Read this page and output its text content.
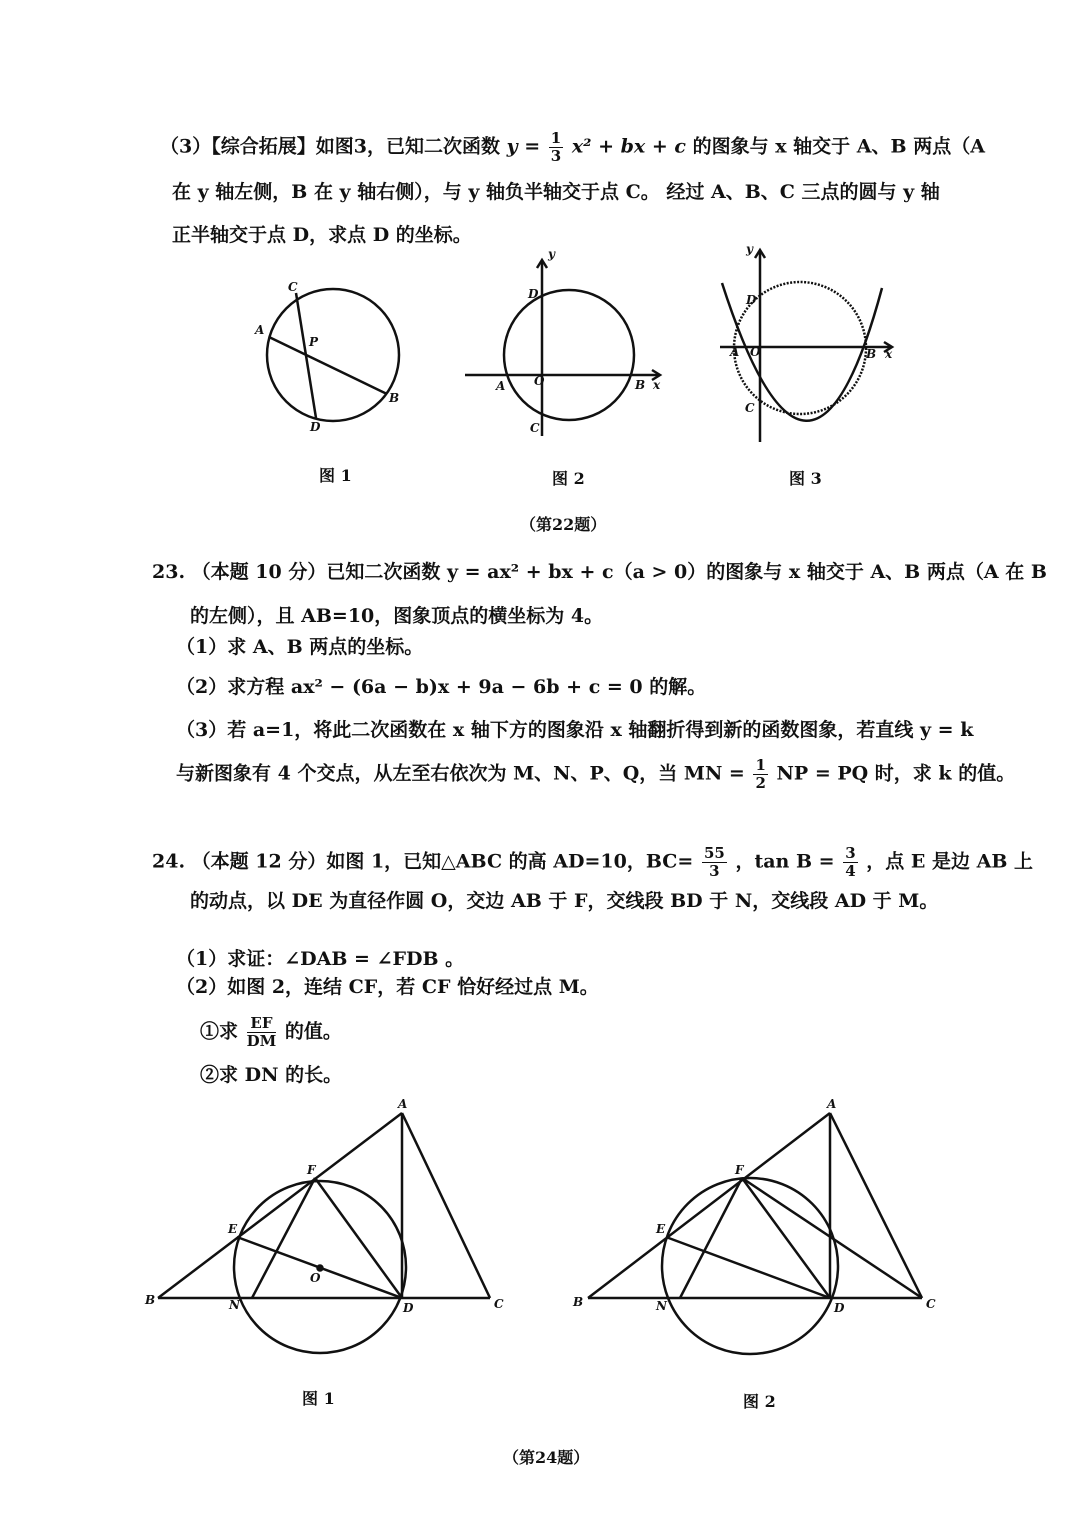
（3）【综合拓展】如图3，已知二次函数 $y = \frac{1}{3} x^2$ + bx + c 的图象与 x 轴交于 A、B 两点（A
在 y 轴左侧，B 在 y 轴右侧），与 y 轴负半轴交于点 C。 经过 A、B、C 三点的圆与 y 轴
正半轴交于点 D，求点 D 的坐标。
C
A
P
B
D
y
D
A O	B x
C
y
D
A O	B x
C
A
F
E
O
B	N	D	C
A
F
E
B	N	D	C
图 1	图 2	图 3
（第22题）
23. （本题 10 分）已知二次函数 y = ax² + bx + c（a > 0）的图象与 x 轴交于 A、B 两点（A 在 B
的左侧），且 AB=10，图象顶点的横坐标为 4。
（1）求 A、B 两点的坐标。
（2）求方程 ax² − (6a − b)x + 9a − 6b + c = 0 的解。
（3）若 a=1，将此二次函数在 x 轴下方的图象沿 x 轴翻折得到新的函数图象，若直线 y = k
与新图象有 4 个交点，从左至右依次为 M、N、P、Q，当 MN = $\frac{1}{2}$ NP = PQ 时，求 k 的值。
24. （本题 12 分）如图 1，已知△ABC 的高 AD=10，$BC= \frac{55}{3}$ ，$\tan B = \frac{3}{4}$ ，点 E 是边 AB 上
的动点，以 DE 为直径作圆 O，交边 AB 于 F，交线段 BD 于 N，交线段 AD 于 M。
（1）求证：∠DAB = ∠FDB 。
（2）如图 2，连结 CF，若 CF 恰好经过点 M。
①求 $\frac{EF}{DM}$ 的值。
②求 DN 的长。
图 1	图 2
（第24题）
